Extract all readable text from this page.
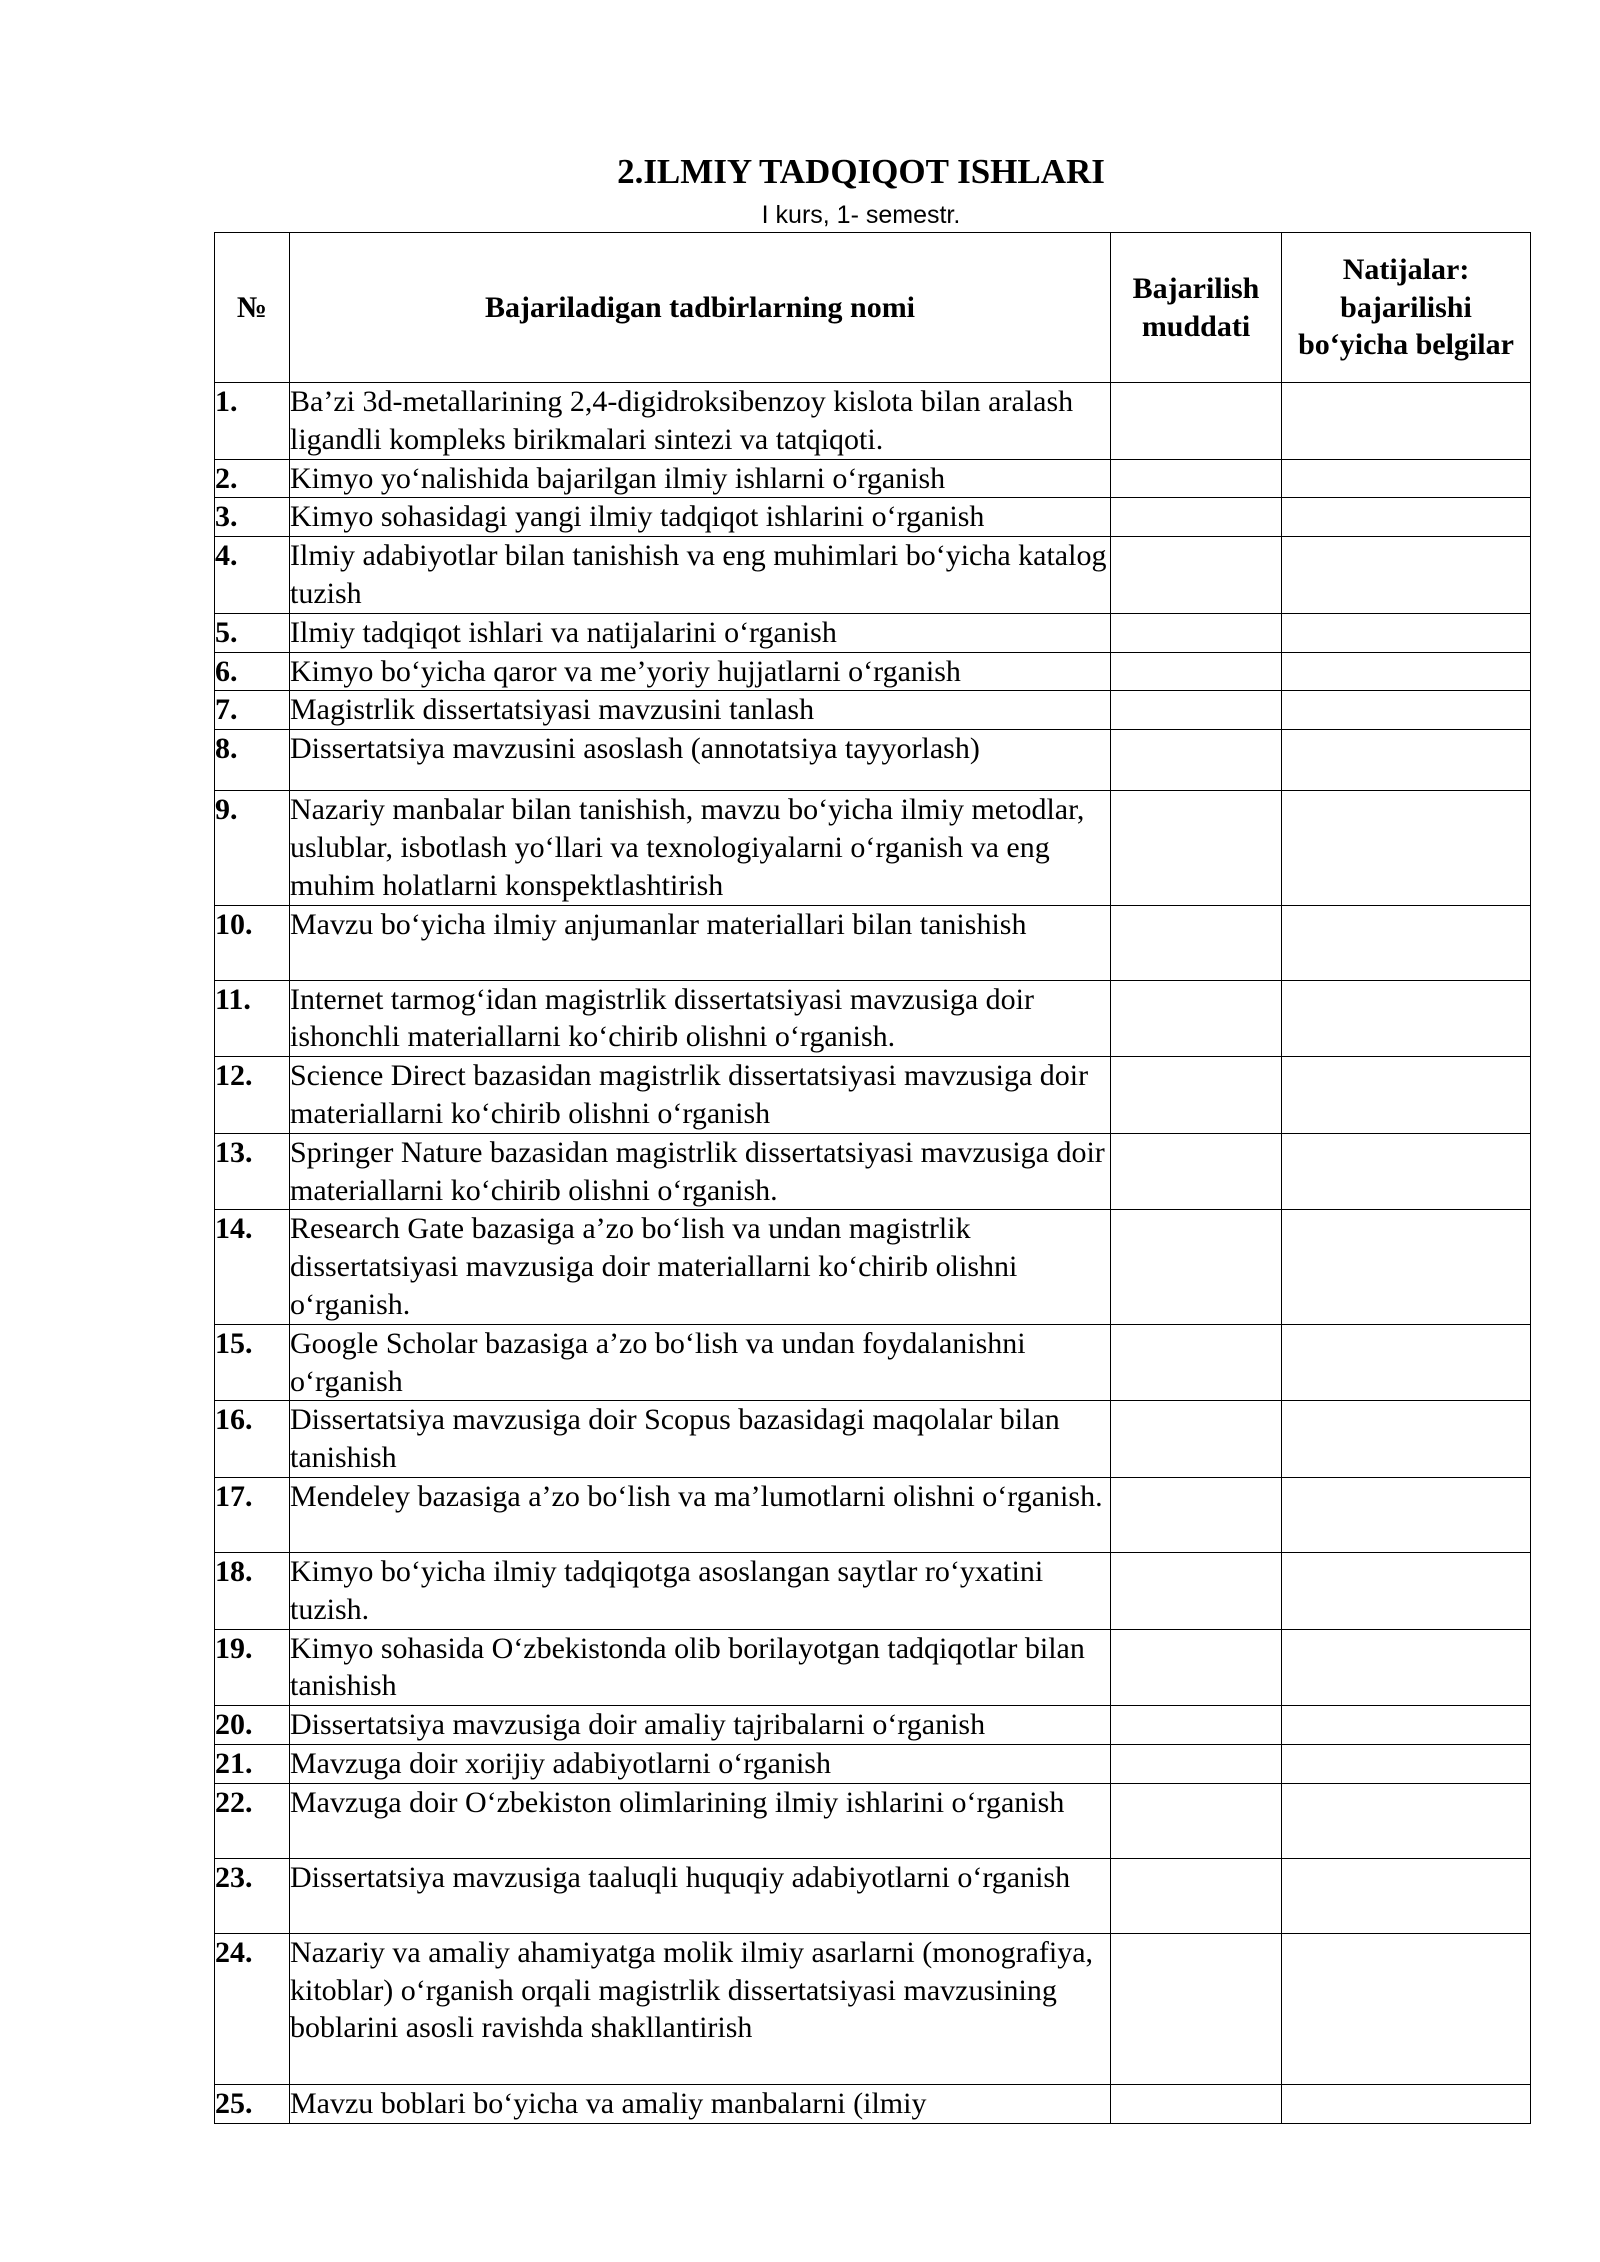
2.ILMIY TADQIQOT ISHLARI
I kurs, 1- semestr.
№	Bajariladigan tadbirlarning nomi	Bajarilish muddati	Natijalar: bajarilishi bo‘yicha belgilar
1.	Ba’zi 3d-metallarining 2,4-digidroksibenzoy kislota bilan aralash ligandli kompleks birikmalari sintezi va tatqiqoti.		
2.	Kimyo yo‘nalishida bajarilgan ilmiy ishlarni o‘rganish		
3.	Kimyo sohasidagi yangi ilmiy tadqiqot ishlarini o‘rganish		
4.	Ilmiy adabiyotlar bilan tanishish va eng muhimlari bo‘yicha katalog tuzish		
5.	Ilmiy tadqiqot ishlari va natijalarini o‘rganish		
6.	Kimyo bo‘yicha qaror va me’yoriy hujjatlarni o‘rganish		
7.	Magistrlik dissertatsiyasi mavzusini tanlash		
8.	Dissertatsiya mavzusini asoslash (annotatsiya tayyorlash)		
9.	Nazariy manbalar bilan tanishish, mavzu bo‘yicha ilmiy metodlar, uslublar, isbotlash yo‘llari va texnologiyalarni o‘rganish va eng muhim holatlarni konspektlashtirish		
10.	Mavzu bo‘yicha ilmiy anjumanlar materiallari bilan tanishish		
11.	Internet tarmog‘idan magistrlik dissertatsiyasi mavzusiga doir ishonchli materiallarni ko‘chirib olishni o‘rganish.		
12.	Science Direct bazasidan magistrlik dissertatsiyasi mavzusiga doir materiallarni ko‘chirib olishni o‘rganish		
13.	Springer Nature bazasidan magistrlik dissertatsiyasi mavzusiga doir materiallarni ko‘chirib olishni o‘rganish.		
14.	Research Gate bazasiga a’zo bo‘lish va undan magistrlik dissertatsiyasi mavzusiga doir materiallarni ko‘chirib olishni o‘rganish.		
15.	Google Scholar bazasiga a’zo bo‘lish va undan foydalanishni o‘rganish		
16.	Dissertatsiya mavzusiga doir Scopus bazasidagi maqolalar bilan tanishish		
17.	Mendeley bazasiga a’zo bo‘lish va ma’lumotlarni olishni o‘rganish.		
18.	Kimyo bo‘yicha ilmiy tadqiqotga asoslangan saytlar ro‘yxatini tuzish.		
19.	Kimyo sohasida O‘zbekistonda olib borilayotgan tadqiqotlar bilan tanishish		
20.	Dissertatsiya mavzusiga doir amaliy tajribalarni o‘rganish		
21.	Mavzuga doir xorijiy adabiyotlarni o‘rganish		
22.	Mavzuga doir O‘zbekiston olimlarining ilmiy ishlarini o‘rganish		
23.	Dissertatsiya mavzusiga taaluqli huquqiy adabiyotlarni o‘rganish		
24.	Nazariy va amaliy ahamiyatga molik ilmiy asarlarni (monografiya, kitoblar) o‘rganish orqali magistrlik dissertatsiyasi mavzusining boblarini asosli ravishda shakllantirish		
25.	Mavzu boblari bo‘yicha va amaliy manbalarni (ilmiy		
